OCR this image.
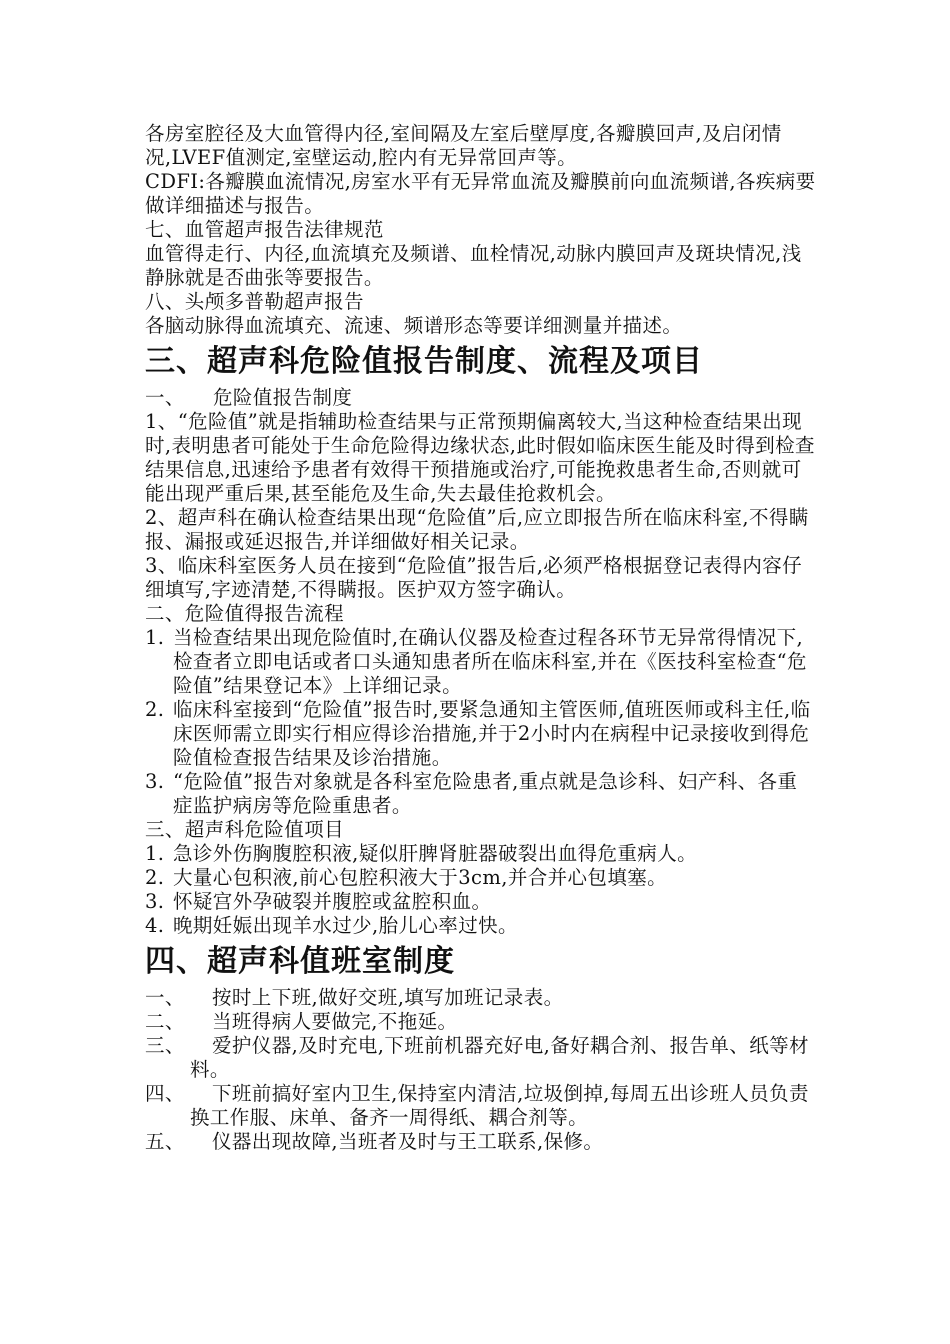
各房室腔径及大血管得内径,室间隔及左室后壁厚度,各瓣膜回声,及启闭情况,LVEF值测定,室壁运动,腔内有无异常回声等。

CDFI:各瓣膜血流情况,房室水平有无异常血流及瓣膜前向血流频谱,各疾病要做详细描述与报告。

七、血管超声报告法律规范

血管得走行、内径,血流填充及频谱、血栓情况,动脉内膜回声及斑块情况,浅静脉就是否曲张等要报告。

八、头颅多普勒超声报告

各脑动脉得血流填充、流速、频谱形态等要详细测量并描述。

三、超声科危险值报告制度、流程及项目

一、 危险值报告制度

1、“危险值”就是指辅助检查结果与正常预期偏离较大,当这种检查结果出现时,表明患者可能处于生命危险得边缘状态,此时假如临床医生能及时得到检查结果信息,迅速给予患者有效得干预措施或治疗,可能挽救患者生命,否则就可能出现严重后果,甚至能危及生命,失去最佳抢救机会。

2、超声科在确认检查结果出现“危险值”后,应立即报告所在临床科室,不得瞒报、漏报或延迟报告,并详细做好相关记录。

3、临床科室医务人员在接到“危险值”报告后,必须严格根据登记表得内容仔细填写,字迹清楚,不得瞒报。医护双方签字确认。

二、危险值得报告流程

1. 当检查结果出现危险值时,在确认仪器及检查过程各环节无异常得情况下,检查者立即电话或者口头通知患者所在临床科室,并在《医技科室检查“危险值”结果登记本》上详细记录。
2. 临床科室接到“危险值”报告时,要紧急通知主管医师,值班医师或科主任,临床医师需立即实行相应得诊治措施,并于2小时内在病程中记录接收到得危险值检查报告结果及诊治措施。
3. “危险值”报告对象就是各科室危险患者,重点就是急诊科、妇产科、各重症监护病房等危险重患者。

三、超声科危险值项目

1. 急诊外伤胸腹腔积液,疑似肝脾肾脏器破裂出血得危重病人。
2. 大量心包积液,前心包腔积液大于3cm,并合并心包填塞。
3. 怀疑宫外孕破裂并腹腔或盆腔积血。
4. 晚期妊娠出现羊水过少,胎儿心率过快。
四、超声科值班室制度
一、 按时上下班,做好交班,填写加班记录表。
二、 当班得病人要做完,不拖延。
三、 爱护仪器,及时充电,下班前机器充好电,备好耦合剂、报告单、纸等材料。
四、 下班前搞好室内卫生,保持室内清洁,垃圾倒掉,每周五出诊班人员负责换工作服、床单、备齐一周得纸、耦合剂等。
五、 仪器出现故障,当班者及时与王工联系,保修。
